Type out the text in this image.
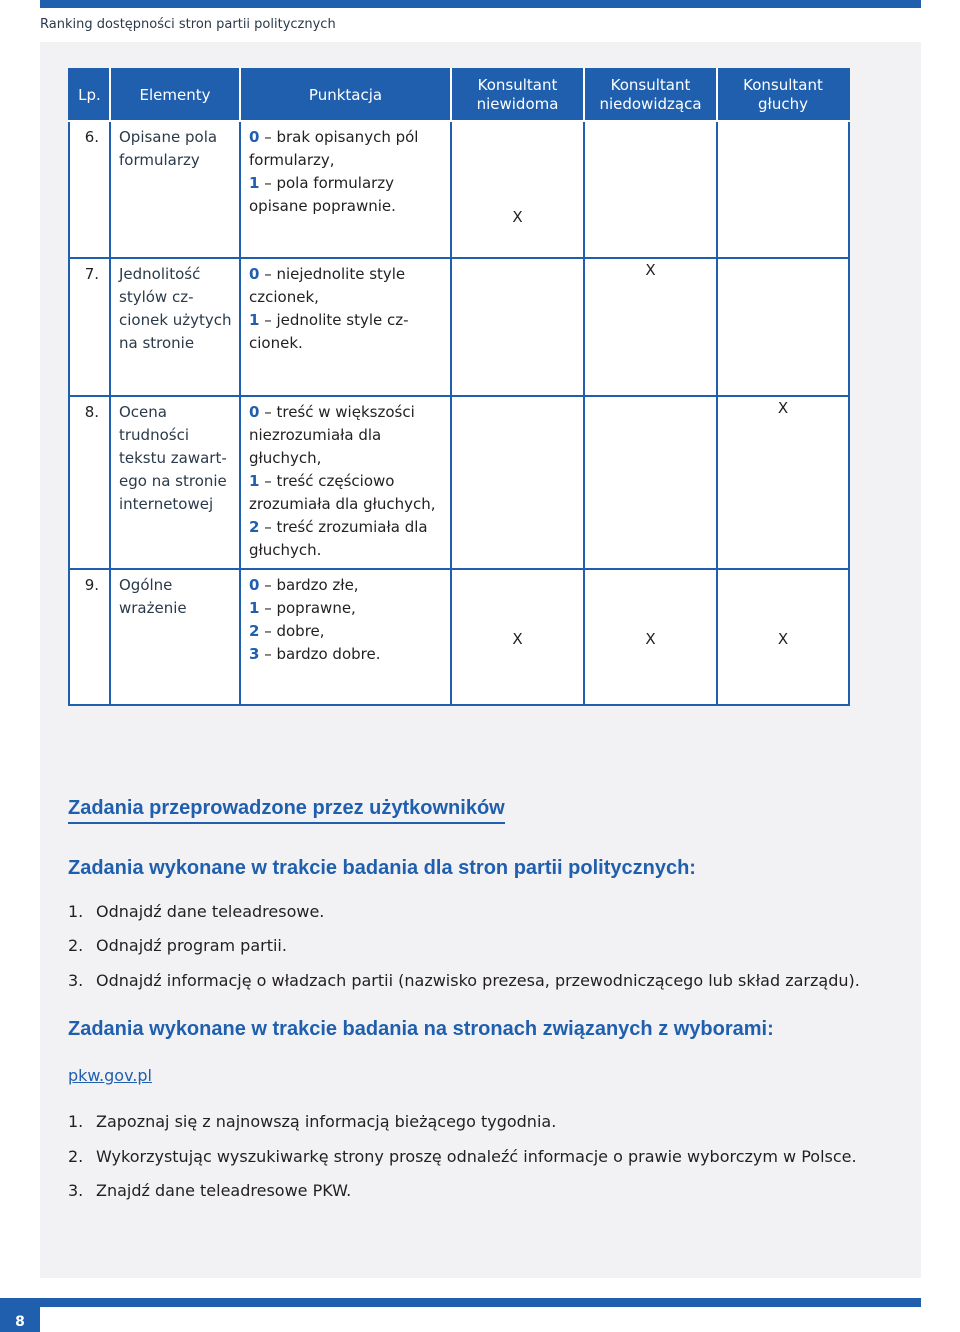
Ranking dostępności stron partii politycznych
Lp.	Elementy	Punktacja	Konsultant niewidoma	Konsultant niedowidząca	Konsultant głuchy
6.	Opisane pola formularzy	0 – brak opisanych pól formularzy,
1 – pola formularzy opisane poprawnie.	X		
7.	Jednolitość stylów cz-cionek użytych na stronie	0 – niejednolite style czcionek,
1 – jednolite style cz-cionek.		X	
8.	Ocena trudności tekstu zawart-ego na stronie internetowej	0 – treść w większości niezrozumiała dla głuchych,
1 – treść częściowo zrozumiała dla głuchych,
2 – treść zrozumiała dla głuchych.			X
9.	Ogólne wrażenie	0 – bardzo złe,
1 – poprawne,
2 – dobre,
3 – bardzo dobre.	X	X	X
Zadania przeprowadzone przez użytkowników
Zadania wykonane w trakcie badania dla stron partii politycznych:
1. Odnajdź dane teleadresowe.
2. Odnajdź program partii.
3. Odnajdź informację o władzach partii (nazwisko prezesa, przewodniczącego lub skład zarządu).
Zadania wykonane w trakcie badania na stronach związanych z wyborami:
pkw.gov.pl
1. Zapoznaj się z najnowszą informacją bieżącego tygodnia.
2. Wykorzystując wyszukiwarkę strony proszę odnaleźć informacje o prawie wyborczym w Polsce.
3. Znajdź dane teleadresowe PKW.
8
